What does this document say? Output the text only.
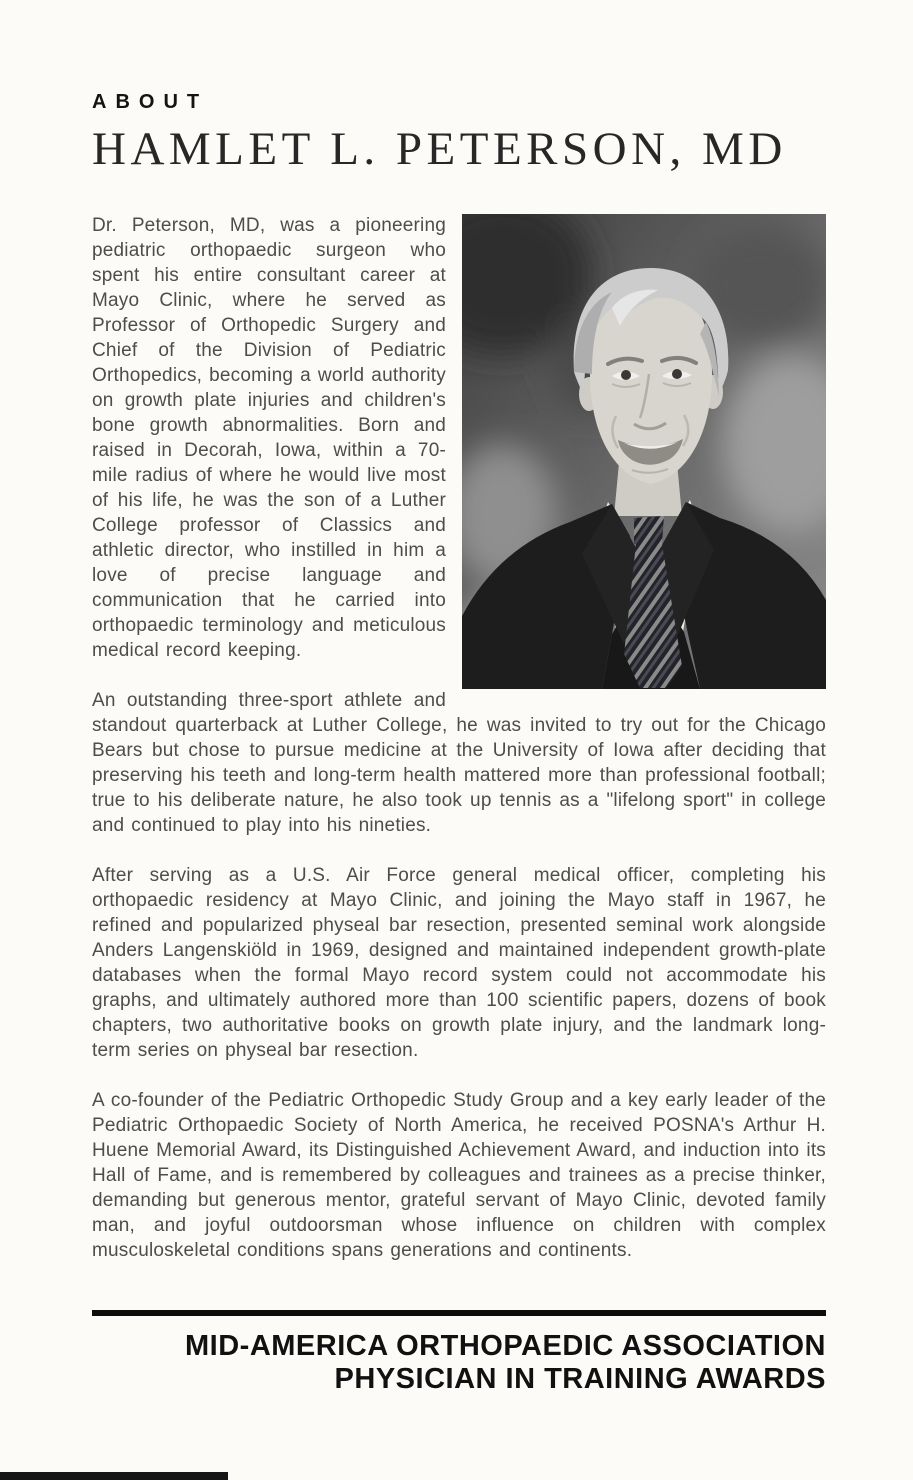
ABOUT
HAMLET L. PETERSON, MD

Dr. Peterson, MD, was a pioneering pediatric orthopaedic surgeon who spent his entire consultant career at Mayo Clinic, where he served as Professor of Orthopedic Surgery and Chief of the Division of Pediatric Orthopedics, becoming a world authority on growth plate injuries and children's bone growth abnormalities. Born and raised in Decorah, Iowa, within a 70-mile radius of where he would live most of his life, he was the son of a Luther College professor of Classics and athletic director, who instilled in him a love of precise language and communication that he carried into orthopaedic terminology and meticulous medical record keeping.

An outstanding three-sport athlete and standout quarterback at Luther College, he was invited to try out for the Chicago Bears but chose to pursue medicine at the University of Iowa after deciding that preserving his teeth and long-term health mattered more than professional football; true to his deliberate nature, he also took up tennis as a "lifelong sport" in college and continued to play into his nineties.

After serving as a U.S. Air Force general medical officer, completing his orthopaedic residency at Mayo Clinic, and joining the Mayo staff in 1967, he refined and popularized physeal bar resection, presented seminal work alongside Anders Langenskiöld in 1969, designed and maintained independent growth-plate databases when the formal Mayo record system could not accommodate his graphs, and ultimately authored more than 100 scientific papers, dozens of book chapters, two authoritative books on growth plate injury, and the landmark long-term series on physeal bar resection.

A co-founder of the Pediatric Orthopedic Study Group and a key early leader of the Pediatric Orthopaedic Society of North America, he received POSNA's Arthur H. Huene Memorial Award, its Distinguished Achievement Award, and induction into its Hall of Fame, and is remembered by colleagues and trainees as a precise thinker, demanding but generous mentor, grateful servant of Mayo Clinic, devoted family man, and joyful outdoorsman whose influence on children with complex musculoskeletal conditions spans generations and continents.

MID-AMERICA ORTHOPAEDIC ASSOCIATION
PHYSICIAN IN TRAINING AWARDS
